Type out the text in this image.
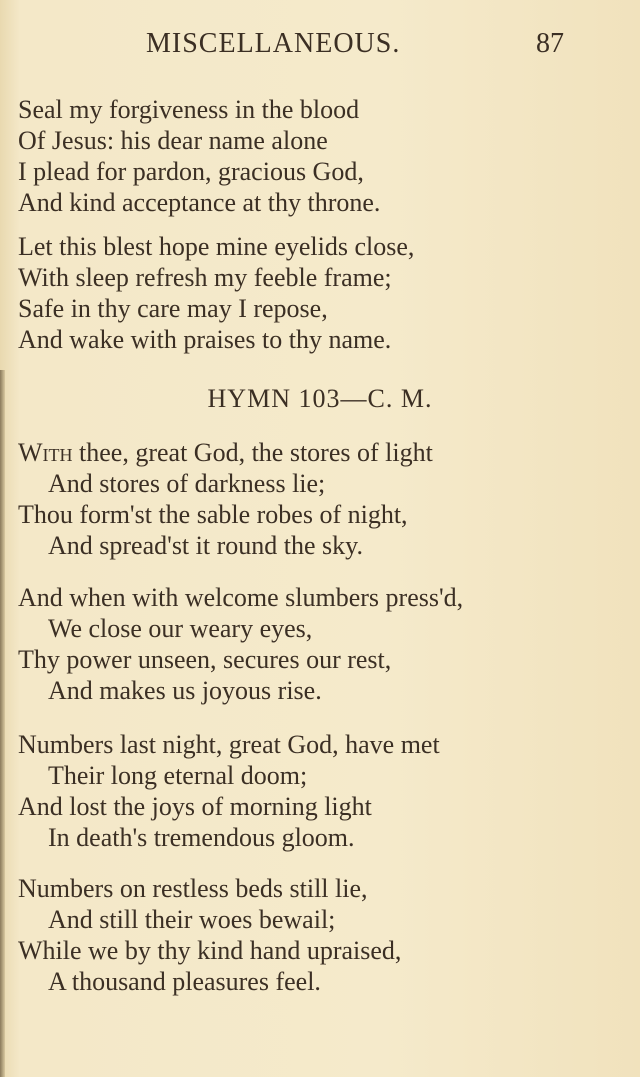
MISCELLANEOUS.	87
Seal my forgiveness in the blood
Of Jesus: his dear name alone
I plead for pardon, gracious God,
And kind acceptance at thy throne.
Let this blest hope mine eyelids close,
With sleep refresh my feeble frame;
Safe in thy care may I repose,
And wake with praises to thy name.
HYMN 103—C. M.
With thee, great God, the stores of light
And stores of darkness lie;
Thou form'st the sable robes of night,
And spread'st it round the sky.
And when with welcome slumbers press'd,
We close our weary eyes,
Thy power unseen, secures our rest,
And makes us joyous rise.
Numbers last night, great God, have met
Their long eternal doom;
And lost the joys of morning light
In death's tremendous gloom.
Numbers on restless beds still lie,
And still their woes bewail;
While we by thy kind hand upraised,
A thousand pleasures feel.
